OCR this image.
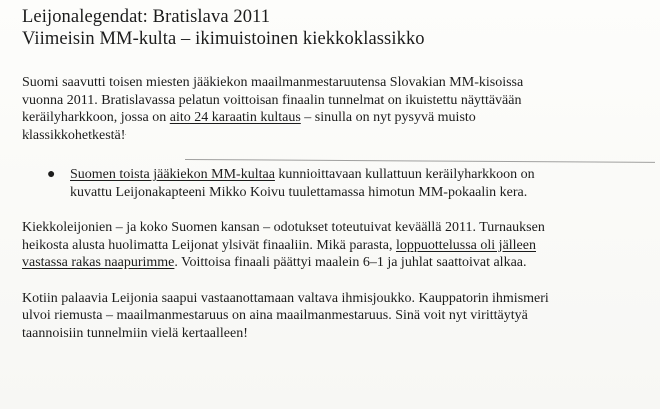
Leijonalegendat: Bratislava 2011
Viimeisin MM-kulta – ikimuistoinen kiekkoklassikko

Suomi saavutti toisen miesten jääkiekon maailmanmestaruutensa Slovakian MM-kisoissa
vuonna 2011. Bratislavassa pelatun voittoisan finaalin tunnelmat on ikuistettu näyttävään
keräilyharkkoon, jossa on aito 24 karaatin kultaus – sinulla on nyt pysyvä muisto
klassikkohetkestä!

● Suomen toista jääkiekon MM-kultaa kunnioittavaan kullattuun keräilyharkkoon on
kuvattu Leijonakapteeni Mikko Koivu tuulettamassa himotun MM-pokaalin kera.

Kiekkoleijonien – ja koko Suomen kansan – odotukset toteutuivat keväällä 2011. Turnauksen
heikosta alusta huolimatta Leijonat ylsivät finaaliin. Mikä parasta, loppuottelussa oli jälleen
vastassa rakas naapurimme. Voittoisa finaali päättyi maalein 6–1 ja juhlat saattoivat alkaa.

Kotiin palaavia Leijonia saapui vastaanottamaan valtava ihmisjoukko. Kauppatorin ihmismeri
ulvoi riemusta – maailmanmestaruus on aina maailmanmestaruus. Sinä voit nyt virittäytyä
taannoisiin tunnelmiin vielä kertaalleen!
